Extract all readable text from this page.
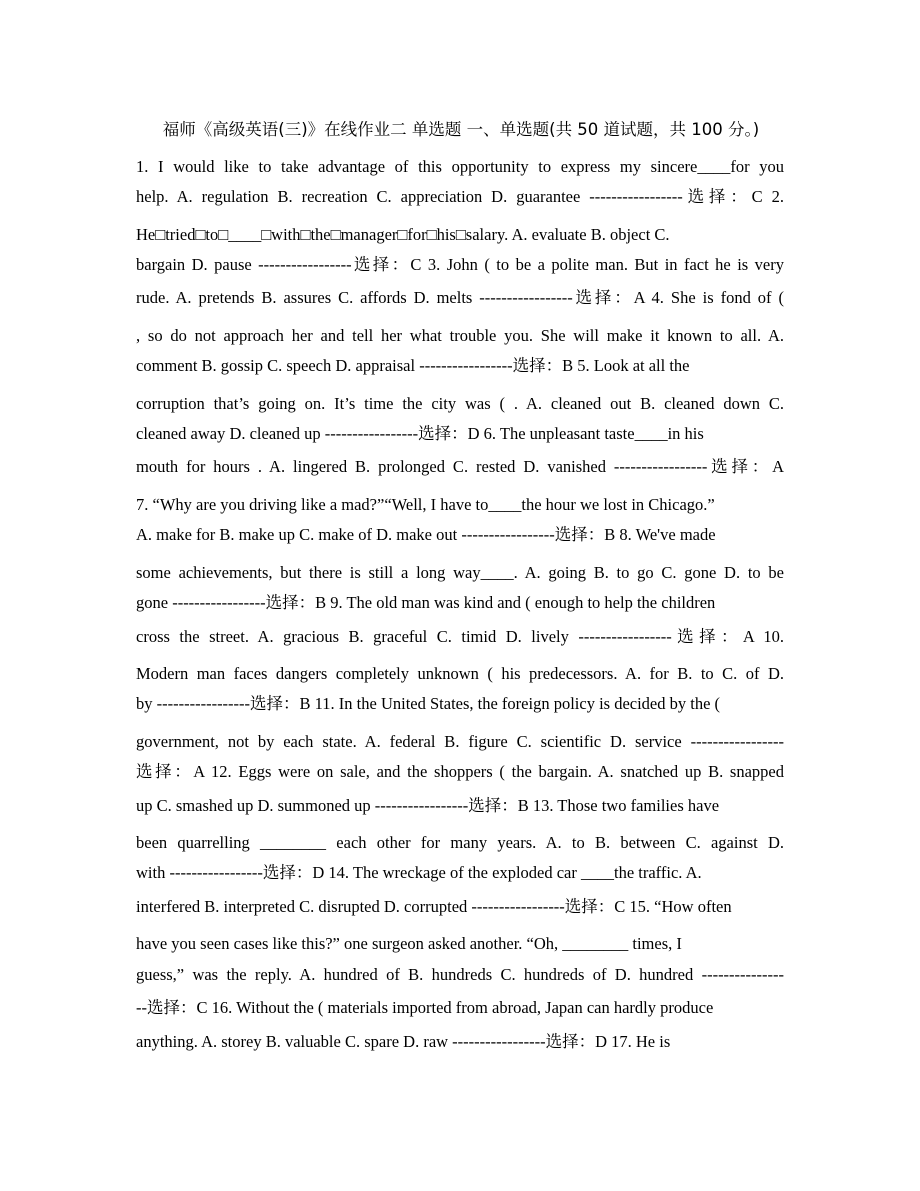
福师《高级英语(三)》在线作业二 单选题 一、单选题(共 50 道试题，共 100 分。)
1. I would like to take advantage of this opportunity to express my sincere____for you
help. A. regulation B. recreation C. appreciation D. guarantee -----------------选择：C 2.
He□tried□to□____□with□the□manager□for□his□salary. A. evaluate B. object C.
bargain D. pause -----------------选择：C 3. John ( to be a polite man. But in fact he is very
rude. A. pretends B. assures C. affords D. melts -----------------选择：A 4. She is fond of (
, so do not approach her and tell her what trouble you. She will make it known to all. A.
comment B. gossip C. speech D. appraisal -----------------选择：B 5. Look at all the
corruption that’s going on. It’s time the city was ( . A. cleaned out B. cleaned down C.
cleaned away D. cleaned up -----------------选择：D 6. The unpleasant taste____in his
mouth for hours . A. lingered B. prolonged C. rested D. vanished -----------------选择：A
7. “Why are you driving like a mad?”“Well, I have to____the hour we lost in Chicago.”
A. make for B. make up C. make of D. make out -----------------选择：B 8. We've made
some achievements, but there is still a long way____. A. going B. to go C. gone D. to be
gone -----------------选择：B 9. The old man was kind and ( enough to help the children
cross the street. A. gracious B. graceful C. timid D. lively -----------------选择：A 10.
Modern man faces dangers completely unknown ( his predecessors. A. for B. to C. of D.
by -----------------选择：B 11. In the United States, the foreign policy is decided by the (
government, not by each state. A. federal B. figure C. scientific D. service -----------------
选择：A 12. Eggs were on sale, and the shoppers ( the bargain. A. snatched up B. snapped
up C. smashed up D. summoned up -----------------选择：B 13. Those two families have
been quarrelling ________ each other for many years. A. to B. between C. against D.
with -----------------选择：D 14. The wreckage of the exploded car ____the traffic. A.
interfered B. interpreted C. disrupted D. corrupted -----------------选择：C 15. “How often
have you seen cases like this?” one surgeon asked another. “Oh, ________ times, I
guess,” was the reply. A. hundred of B. hundreds C. hundreds of D. hundred ---------------
--选择：C 16. Without the ( materials imported from abroad, Japan can hardly produce
anything. A. storey B. valuable C. spare D. raw -----------------选择：D 17. He is
